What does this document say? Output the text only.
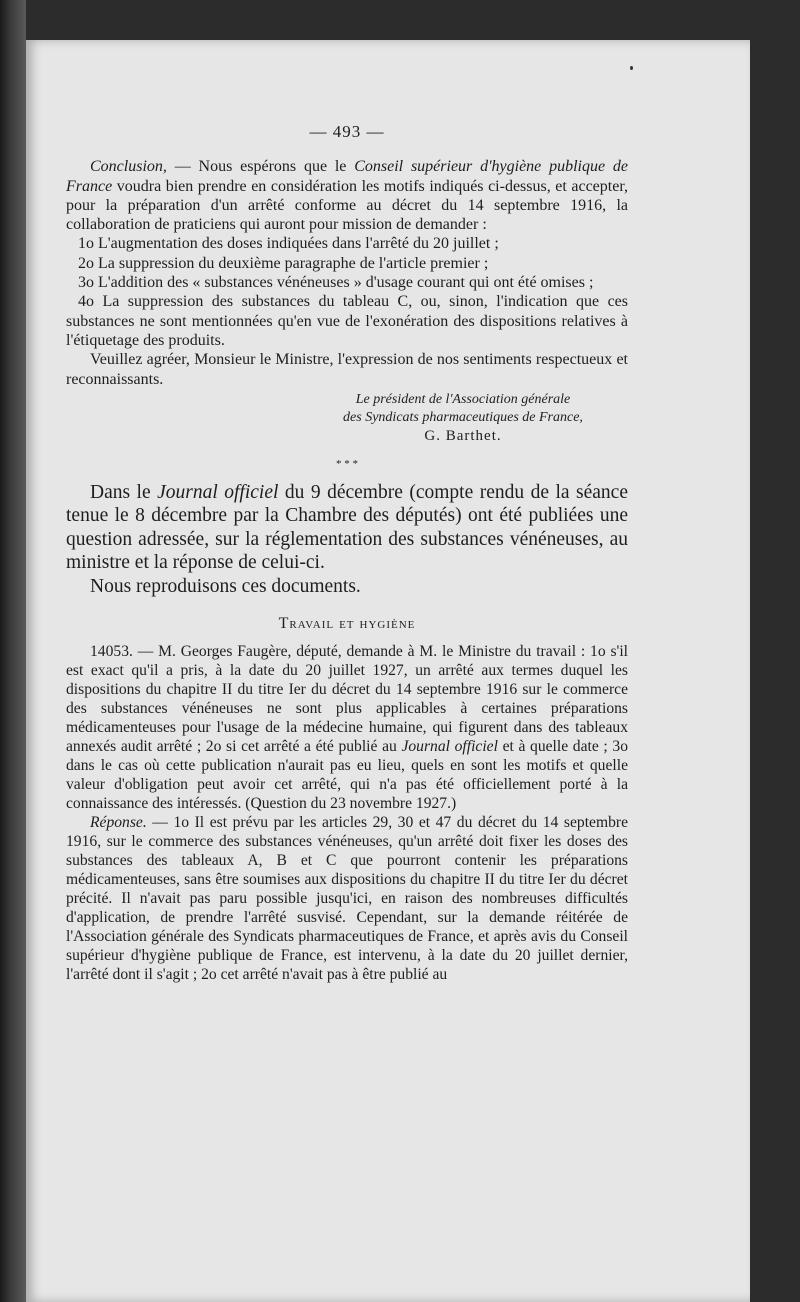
— 493 —

Conclusion, — Nous espérons que le Conseil supérieur d'hygiène publique de France voudra bien prendre en considération les motifs indiqués ci-dessus, et accepter, pour la préparation d'un arrêté conforme au décret du 14 septembre 1916, la collaboration de praticiens qui auront pour mission de demander :

1o L'augmentation des doses indiquées dans l'arrêté du 20 juillet ;

2o La suppression du deuxième paragraphe de l'article premier ;

3o L'addition des « substances vénéneuses » d'usage courant qui ont été omises ;

4o La suppression des substances du tableau C, ou, sinon, l'indication que ces substances ne sont mentionnées qu'en vue de l'exonération des dispositions relatives à l'étiquetage des produits.

Veuillez agréer, Monsieur le Ministre, l'expression de nos sentiments respectueux et reconnaissants.

Le président de l'Association générale
des Syndicats pharmaceutiques de France,
G. Barthet.
* * *

Dans le Journal officiel du 9 décembre (compte rendu de la séance tenue le 8 décembre par la Chambre des députés) ont été publiées une question adressée, sur la réglementation des substances vénéneuses, au ministre et la réponse de celui-ci.

Nous reproduisons ces documents.

Travail et hygiène

14053. — M. Georges Faugère, député, demande à M. le Ministre du travail : 1o s'il est exact qu'il a pris, à la date du 20 juillet 1927, un arrêté aux termes duquel les dispositions du chapitre II du titre Ier du décret du 14 septembre 1916 sur le commerce des substances vénéneuses ne sont plus applicables à certaines préparations médicamenteuses pour l'usage de la médecine humaine, qui figurent dans des tableaux annexés audit arrêté ; 2o si cet arrêté a été publié au Journal officiel et à quelle date ; 3o dans le cas où cette publication n'aurait pas eu lieu, quels en sont les motifs et quelle valeur d'obligation peut avoir cet arrêté, qui n'a pas été officiellement porté à la connaissance des intéressés. (Question du 23 novembre 1927.)

Réponse. — 1o Il est prévu par les articles 29, 30 et 47 du décret du 14 septembre 1916, sur le commerce des substances vénéneuses, qu'un arrêté doit fixer les doses des substances des tableaux A, B et C que pourront contenir les préparations médicamenteuses, sans être soumises aux dispositions du chapitre II du titre Ier du décret précité. Il n'avait pas paru possible jusqu'ici, en raison des nombreuses difficultés d'application, de prendre l'arrêté susvisé. Cependant, sur la demande réitérée de l'Association générale des Syndicats pharmaceutiques de France, et après avis du Conseil supérieur d'hygiène publique de France, est intervenu, à la date du 20 juillet dernier, l'arrêté dont il s'agit ; 2o cet arrêté n'avait pas à être publié au
